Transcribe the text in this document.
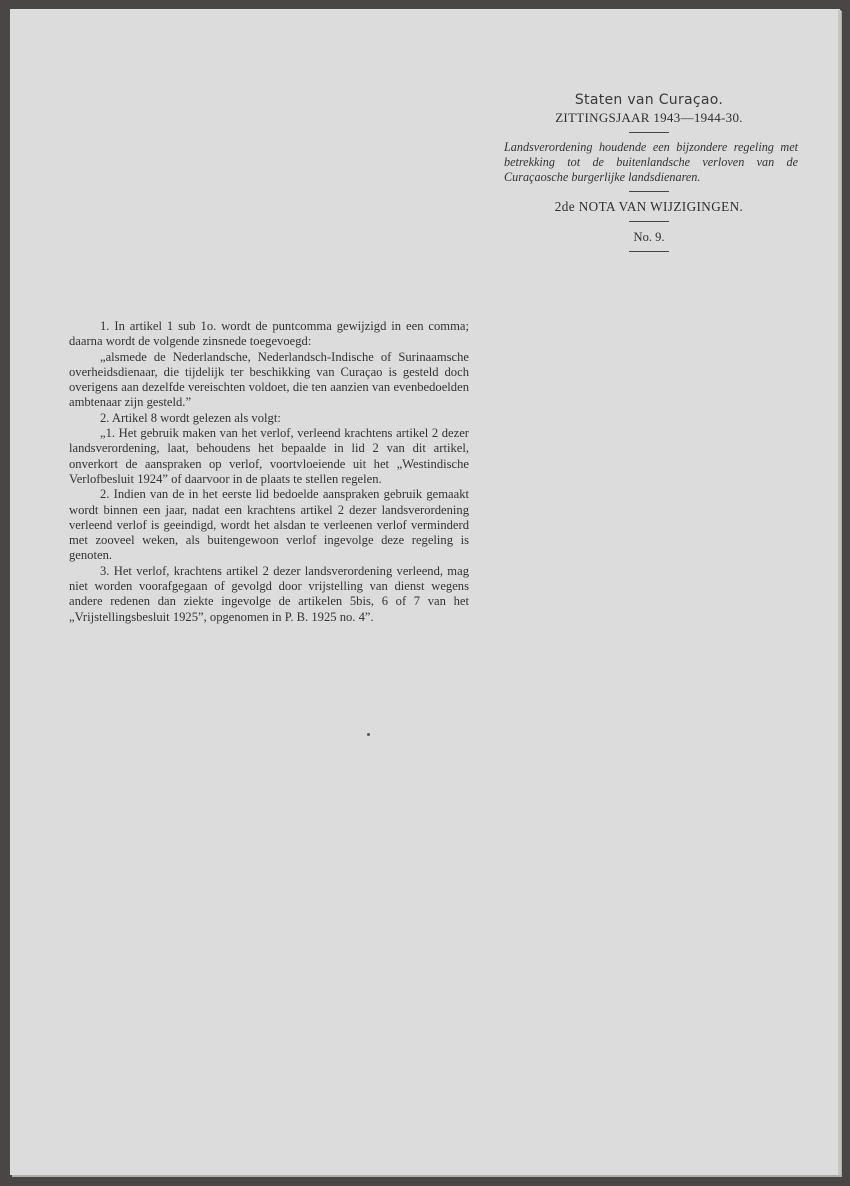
Staten van Curaçao.
ZITTINGSJAAR 1943—1944-30.
Landsverordening houdende een bijzondere regeling met betrekking tot de buitenlandsche verloven van de Curaçaosche burgerlijke landsdienaren.
2de NOTA VAN WIJZIGINGEN.
No. 9.

1. In artikel 1 sub 1o. wordt de puntcomma gewijzigd in een comma; daarna wordt de volgende zinsnede toegevoegd:

„alsmede de Nederlandsche, Nederlandsch-Indische of Surinaamsche overheidsdienaar, die tijdelijk ter beschikking van Curaçao is gesteld doch overigens aan dezelfde vereischten voldoet, die ten aanzien van evenbedoelden ambtenaar zijn gesteld.”

2. Artikel 8 wordt gelezen als volgt:

„1. Het gebruik maken van het verlof, verleend krachtens artikel 2 dezer landsverordening, laat, behoudens het bepaalde in lid 2 van dit artikel, onverkort de aanspraken op verlof, voortvloeiende uit het „Westindische Verlofbesluit 1924” of daarvoor in de plaats te stellen regelen.

2. Indien van de in het eerste lid bedoelde aanspraken gebruik gemaakt wordt binnen een jaar, nadat een krachtens artikel 2 dezer landsverordening verleend verlof is geeindigd, wordt het alsdan te verleenen verlof verminderd met zooveel weken, als buitengewoon verlof ingevolge deze regeling is genoten.

3. Het verlof, krachtens artikel 2 dezer landsverordening verleend, mag niet worden voorafgegaan of gevolgd door vrijstelling van dienst wegens andere redenen dan ziekte ingevolge de artikelen 5bis, 6 of 7 van het „Vrijstellingsbesluit 1925”, opgenomen in P. B. 1925 no. 4”.
